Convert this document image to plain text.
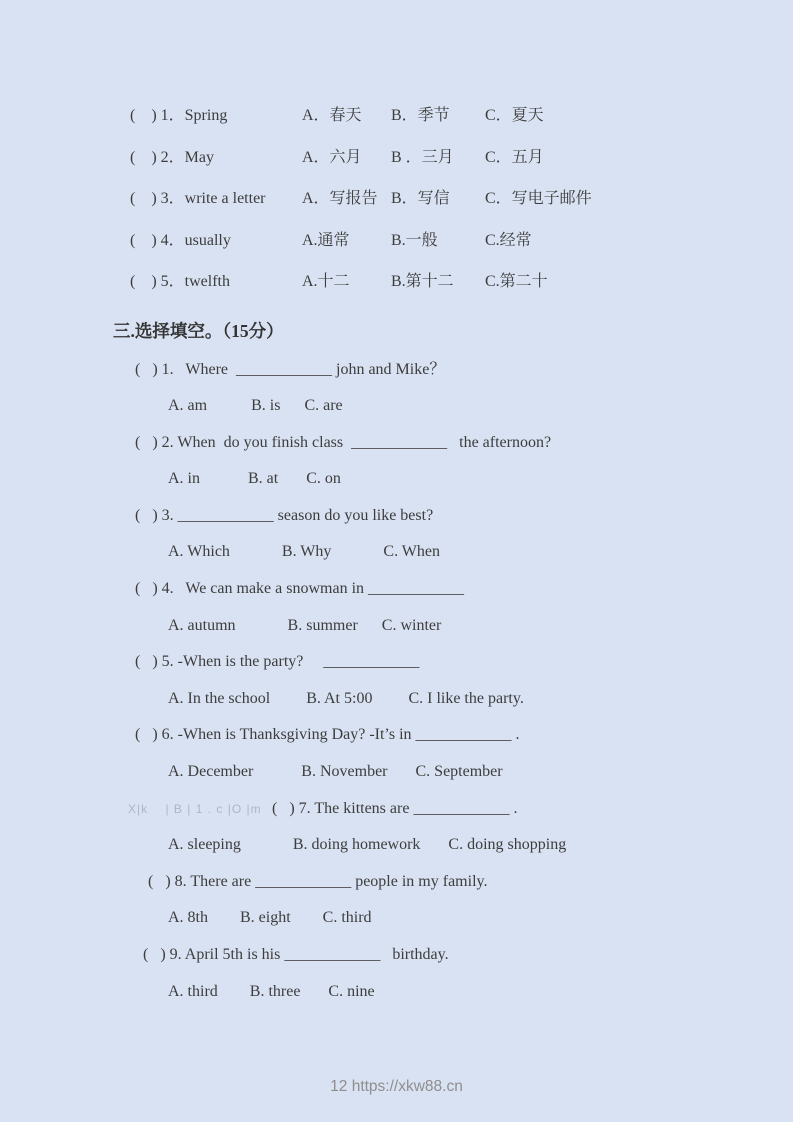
(    ) 1．Spring	A．春天	B．季节	C．夏天
(    ) 2．May	A．六月	B ．三月	C．五月
(    ) 3．write a letter	A．写报告 B．写信	C．写电子邮件
(    ) 4．usually	A.通常	B.一般	C.经常
(    ) 5．twelfth	A.十二	B.第十二	C.第二十
三.选择填空。（15分）
(   ) 1.   Where  ____________ john and Mike？
A. am           B. is      C. are
(   ) 2. When  do you finish class  ____________   the afternoon?
A. in            B. at       C. on
(   ) 3. ____________ season do you like best?
A. Which             B. Why             C. When
(   ) 4.   We can make a snowman in ____________
A. autumn             B. summer      C. winter
(   ) 5. -When is the party?     ____________
A. In the school         B. At 5:00         C. I like the party.
(   ) 6. -When is Thanksgiving Day? -It’s in ____________ .
A. December            B. November       C. September
X|k    | B | 1 . c |O |m (   ) 7. The kittens are ____________ .
A. sleeping             B. doing homework       C. doing shopping
(   ) 8. There are ____________ people in my family.
A. 8th        B. eight        C. third
(   ) 9. April 5th is his ____________   birthday.
A. third        B. three       C. nine
12 https://xkw88.cn
